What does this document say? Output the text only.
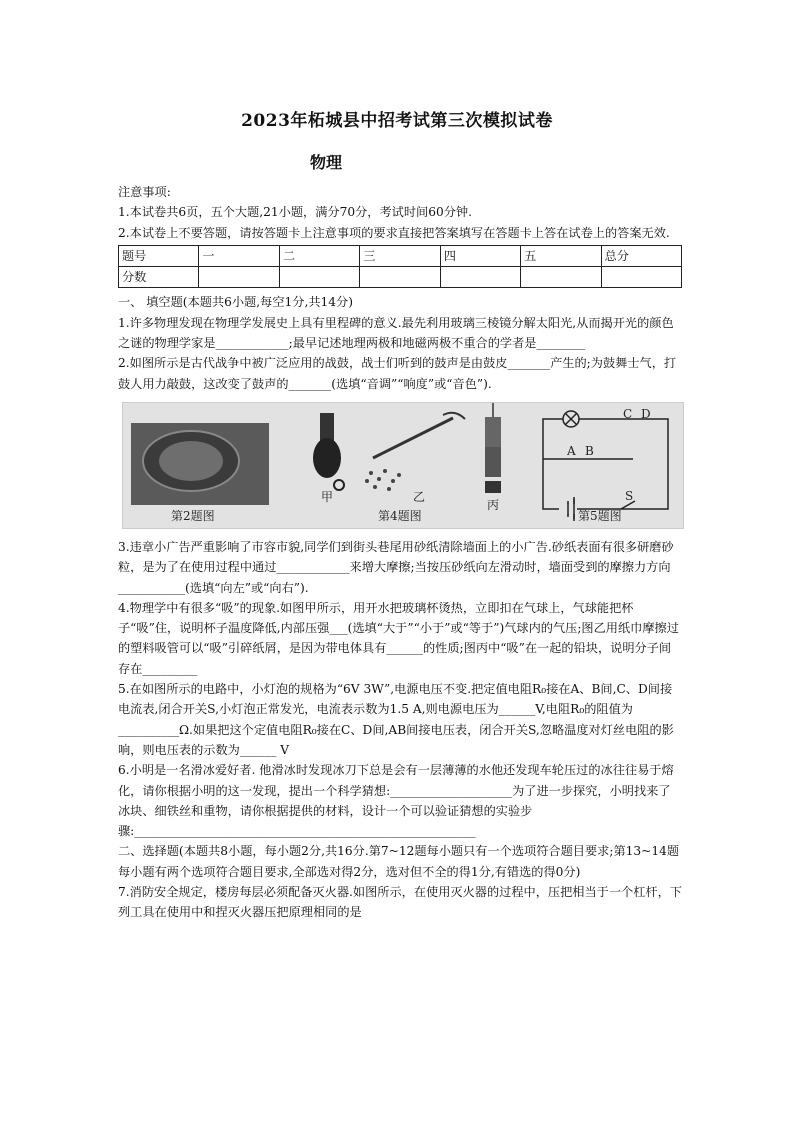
2023年柘城县中招考试第三次模拟试卷
物理

注意事项:

1.本试卷共6页，五个大题,21小题，满分70分，考试时间60分钟.

2.本试卷上不要答题，请按答题卡上注意事项的要求直接把答案填写在答题卡上答在试卷上的答案无效.

题号	一	二	三	四	五	总分
分数						

一、 填空题(本题共6小题,每空1分,共14分)

1.许多物理发现在物理学发展史上具有里程碑的意义.最先利用玻璃三棱镜分解太阳光,从而揭开光的颜色之谜的物理学家是____________;最早记述地理两极和地磁两极不重合的学者是________

2.如图所示是古代战争中被广泛应用的战鼓，战士们听到的鼓声是由鼓皮_______产生的;为鼓舞士气，打鼓人用力敲鼓，这改变了鼓声的_______(选填“音调”“响度”或“音色”).

第2题图	第4题图	第5题图
甲	乙
丙
C D
A B
S

3.违章小广告严重影响了市容市貌,同学们到街头巷尾用砂纸清除墙面上的小广告.砂纸表面有很多研磨砂粒，是为了在使用过程中通过____________来增大摩擦;当按压砂纸向左滑动时，墙面受到的摩擦力方向___________(选填“向左”或“向右”).

4.物理学中有很多“吸”的现象.如图甲所示，用开水把玻璃杯烫热，立即扣在气球上，气球能把杯子“吸”住，说明杯子温度降低,内部压强___(选填“大于”“小于”或“等于”)气球内的气压;图乙用纸巾摩擦过的塑料吸管可以“吸”引碎纸屑，是因为带电体具有______的性质;图丙中“吸”在一起的铅块，说明分子间存在_________

5.在如图所示的电路中，小灯泡的规格为“6V 3W”,电源电压不变.把定值电阻R₀接在A、B间,C、D间接电流表,闭合开关S,小灯泡正常发光，电流表示数为1.5 A,则电源电压为______V,电阻R₀的阻值为__________Ω.如果把这个定值电阻R₀接在C、D间,AB间接电压表，闭合开关S,忽略温度对灯丝电阻的影响，则电压表的示数为______ V

6.小明是一名滑冰爱好者. 他滑冰时发现冰刀下总是会有一层薄薄的水他还发现车轮压过的冰往往易于熔化，请你根据小明的这一发现，提出一个科学猜想:____________________为了进一步探究，小明找来了冰块、细铁丝和重物，请你根据提供的材料，设计一个可以验证猜想的实验步骤:________________________________________________________

二、选择题(本题共8小题，每小题2分,共16分.第7~12题每小题只有一个选项符合题目要求;第13~14题每小题有两个选项符合题目要求,全部选对得2分，选对但不全的得1分,有错选的得0分)

7.消防安全规定，楼房每层必须配备灭火器.如图所示，在使用灭火器的过程中，压把相当于一个杠杆，下列工具在使用中和捏灭火器压把原理相同的是
